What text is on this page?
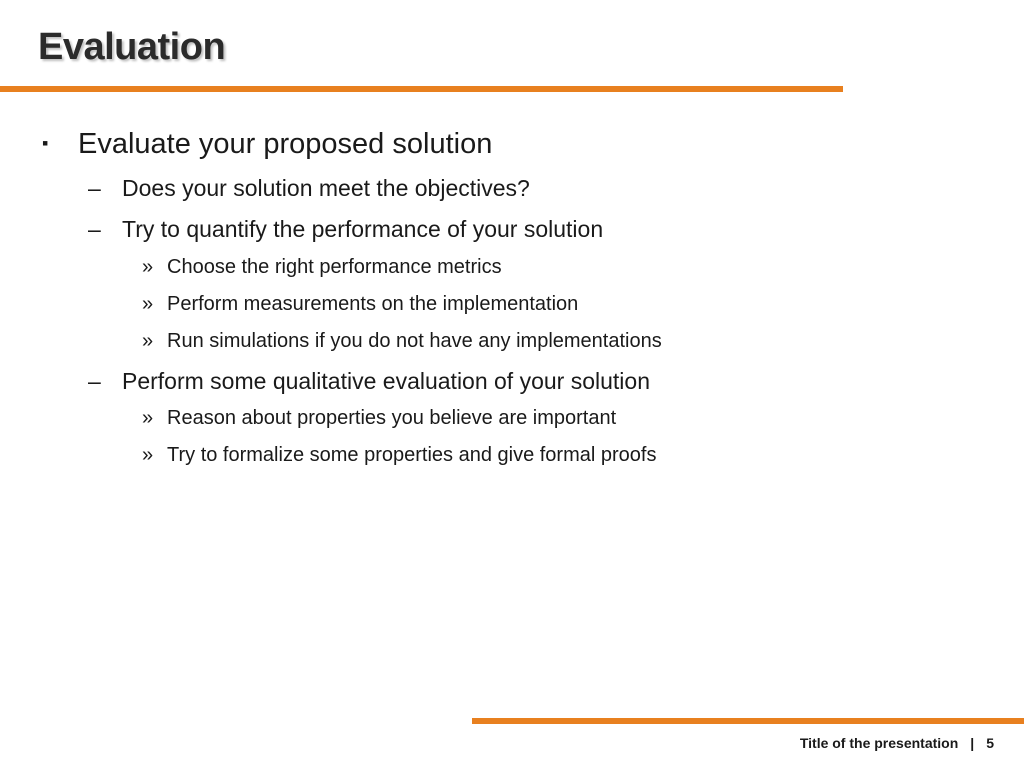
Evaluation
▪	Evaluate your proposed solution
– Does your solution meet the objectives?
– Try to quantify the performance of your solution
» Choose the right performance metrics
» Perform measurements on the implementation
» Run simulations if you do not have any implementations
– Perform some qualitative evaluation of your solution
» Reason about properties you believe are important
» Try to formalize some properties and give formal proofs
Title of the presentation | 5
